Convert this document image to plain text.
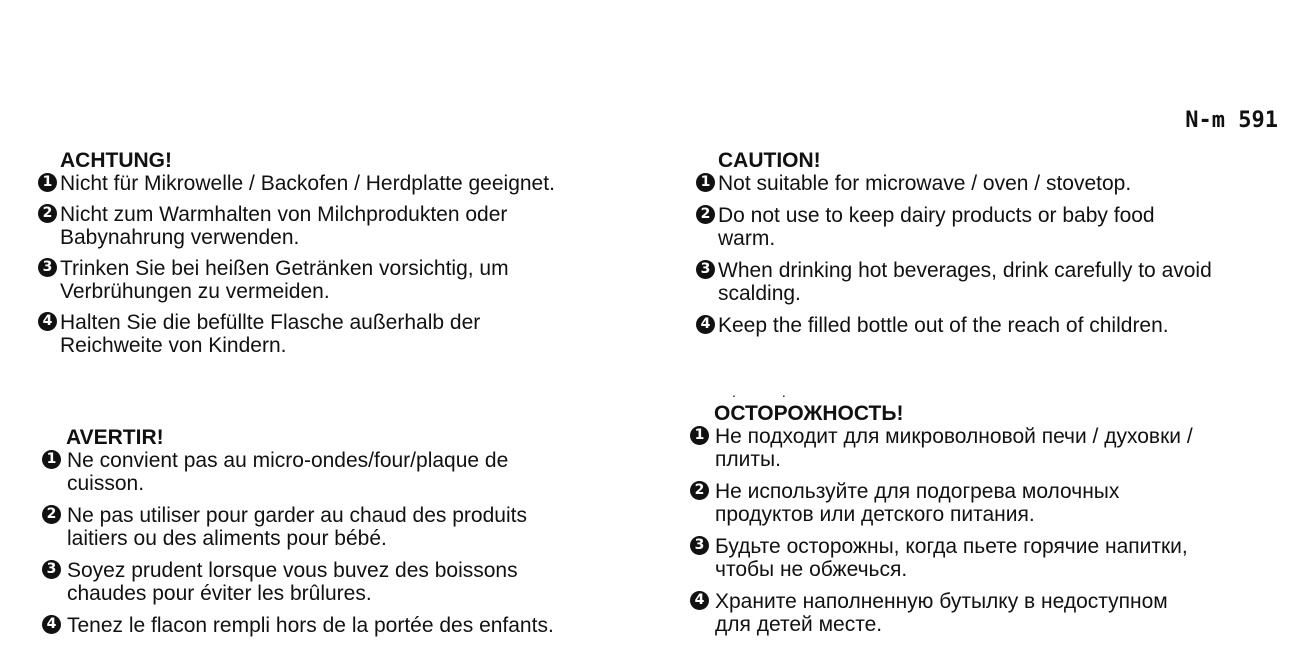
N-m 591
ACHTUNG!
1 Nicht für Mikrowelle / Backofen / Herdplatte geeignet.
2 Nicht zum Warmhalten von Milchprodukten oder
Babynahrung verwenden.
3 Trinken Sie bei heißen Getränken vorsichtig, um
Verbrühungen zu vermeiden.
4 Halten Sie die befüllte Flasche außerhalb der
Reichweite von Kindern.
CAUTION!
1 Not suitable for microwave / oven / stovetop.
2 Do not use to keep dairy products or baby food
warm.
3 When drinking hot beverages, drink carefully to avoid
scalding.
4 Keep the filled bottle out of the reach of children.
AVERTIR!
1 Ne convient pas au micro-ondes/four/plaque de
cuisson.
2 Ne pas utiliser pour garder au chaud des produits
laitiers ou des aliments pour bébé.
3 Soyez prudent lorsque vous buvez des boissons
chaudes pour éviter les brûlures.
4 Tenez le flacon rempli hors de la portée des enfants.
..
ОСТОРОЖНОСТЬ!
1 Не подходит для микроволновой печи / духовки /
плиты.
2 Не используйте для подогрева молочных
продуктов или детского питания.
3 Будьте осторожны, когда пьете горячие напитки,
чтобы не обжечься.
4 Храните наполненную бутылку в недоступном
для детей месте.
